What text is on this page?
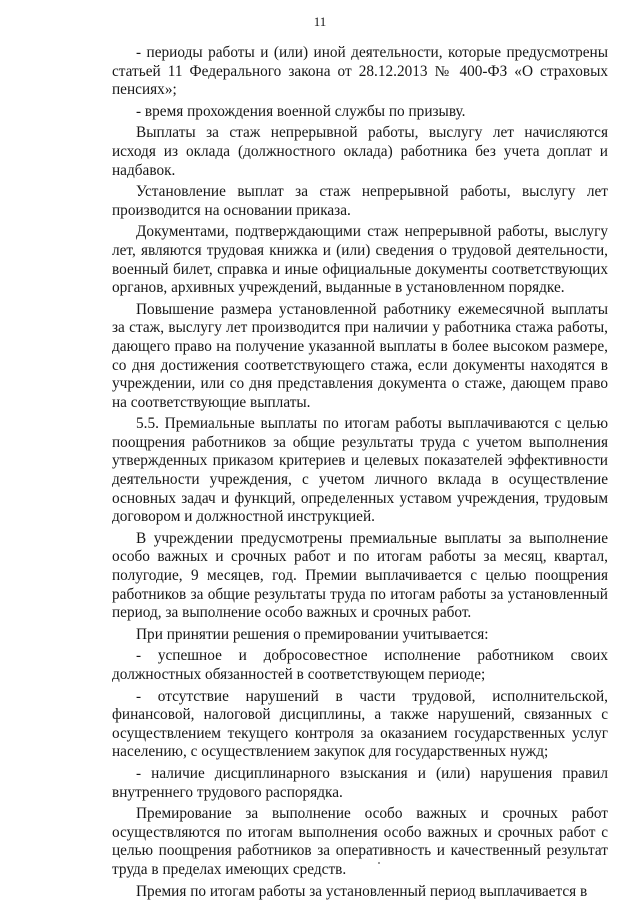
11

- периоды работы и (или) иной деятельности, которые предусмотрены статьей 11 Федерального закона от 28.12.2013 № 400-ФЗ «О страховых пенсиях»;

- время прохождения военной службы по призыву.

Выплаты за стаж непрерывной работы, выслугу лет начисляются исходя из оклада (должностного оклада) работника без учета доплат и надбавок.

Установление выплат за стаж непрерывной работы, выслугу лет производится на основании приказа.

Документами, подтверждающими стаж непрерывной работы, выслугу лет, являются трудовая книжка и (или) сведения о трудовой деятельности, военный билет, справка и иные официальные документы соответствующих органов, архивных учреждений, выданные в установленном порядке.

Повышение размера установленной работнику ежемесячной выплаты за стаж, выслугу лет производится при наличии у работника стажа работы, дающего право на получение указанной выплаты в более высоком размере, со дня достижения соответствующего стажа, если документы находятся в учреждении, или со дня представления документа о стаже, дающем право на соответствующие выплаты.

5.5. Премиальные выплаты по итогам работы выплачиваются с целью поощрения работников за общие результаты труда с учетом выполнения утвержденных приказом критериев и целевых показателей эффективности деятельности учреждения, с учетом личного вклада в осуществление основных задач и функций, определенных уставом учреждения, трудовым договором и должностной инструкцией.

В учреждении предусмотрены премиальные выплаты за выполнение особо важных и срочных работ и по итогам работы за месяц, квартал, полугодие, 9 месяцев, год. Премии выплачивается с целью поощрения работников за общие результаты труда по итогам работы за установленный период, за выполнение особо важных и срочных работ.

При принятии решения о премировании учитывается:

- успешное и добросовестное исполнение работником своих должностных обязанностей в соответствующем периоде;

- отсутствие нарушений в части трудовой, исполнительской, финансовой, налоговой дисциплины, а также нарушений, связанных с осуществлением текущего контроля за оказанием государственных услуг населению, с осуществлением закупок для государственных нужд;

- наличие дисциплинарного взыскания и (или) нарушения правил внутреннего трудового распорядка.

Премирование за выполнение особо важных и срочных работ осуществляются по итогам выполнения особо важных и срочных работ с целью поощрения работников за оперативность и качественный результат труда в пределах имеющих средств.

Премия по итогам работы за установленный период выплачивается в
